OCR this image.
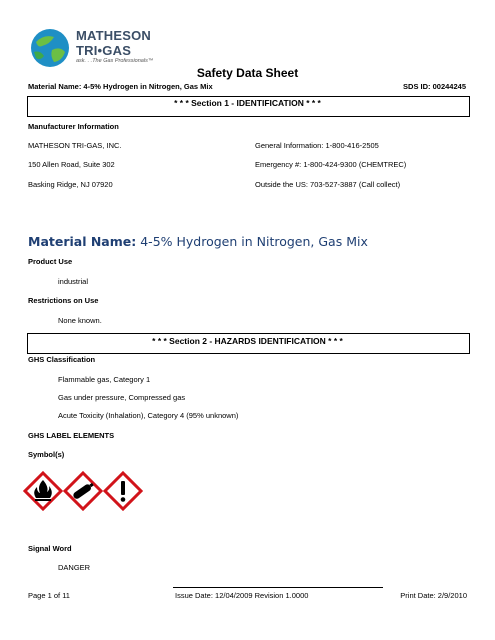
MATHESON
TRI•GAS
ask. . .The Gas Professionals™
Safety Data Sheet
Material Name: 4-5% Hydrogen in Nitrogen, Gas Mix	SDS ID: 00244245
* * * Section 1 - IDENTIFICATION * * *
Manufacturer Information
MATHESON TRI-GAS, INC.
150 Allen Road, Suite 302
Basking Ridge, NJ 07920
General Information: 1-800-416-2505
Emergency #: 1-800-424-9300 (CHEMTREC)
Outside the US: 703-527-3887 (Call collect)
Material Name: 4-5% Hydrogen in Nitrogen, Gas Mix
Product Use
industrial
Restrictions on Use
None known.
* * * Section 2 - HAZARDS IDENTIFICATION * * *
GHS Classification
Flammable gas, Category 1
Gas under pressure, Compressed gas
Acute Toxicity (Inhalation), Category 4 (95% unknown)
GHS LABEL ELEMENTS
Symbol(s)
Signal Word
DANGER
Page 1 of 11	Issue Date: 12/04/2009 Revision 1.0000	Print Date: 2/9/2010
